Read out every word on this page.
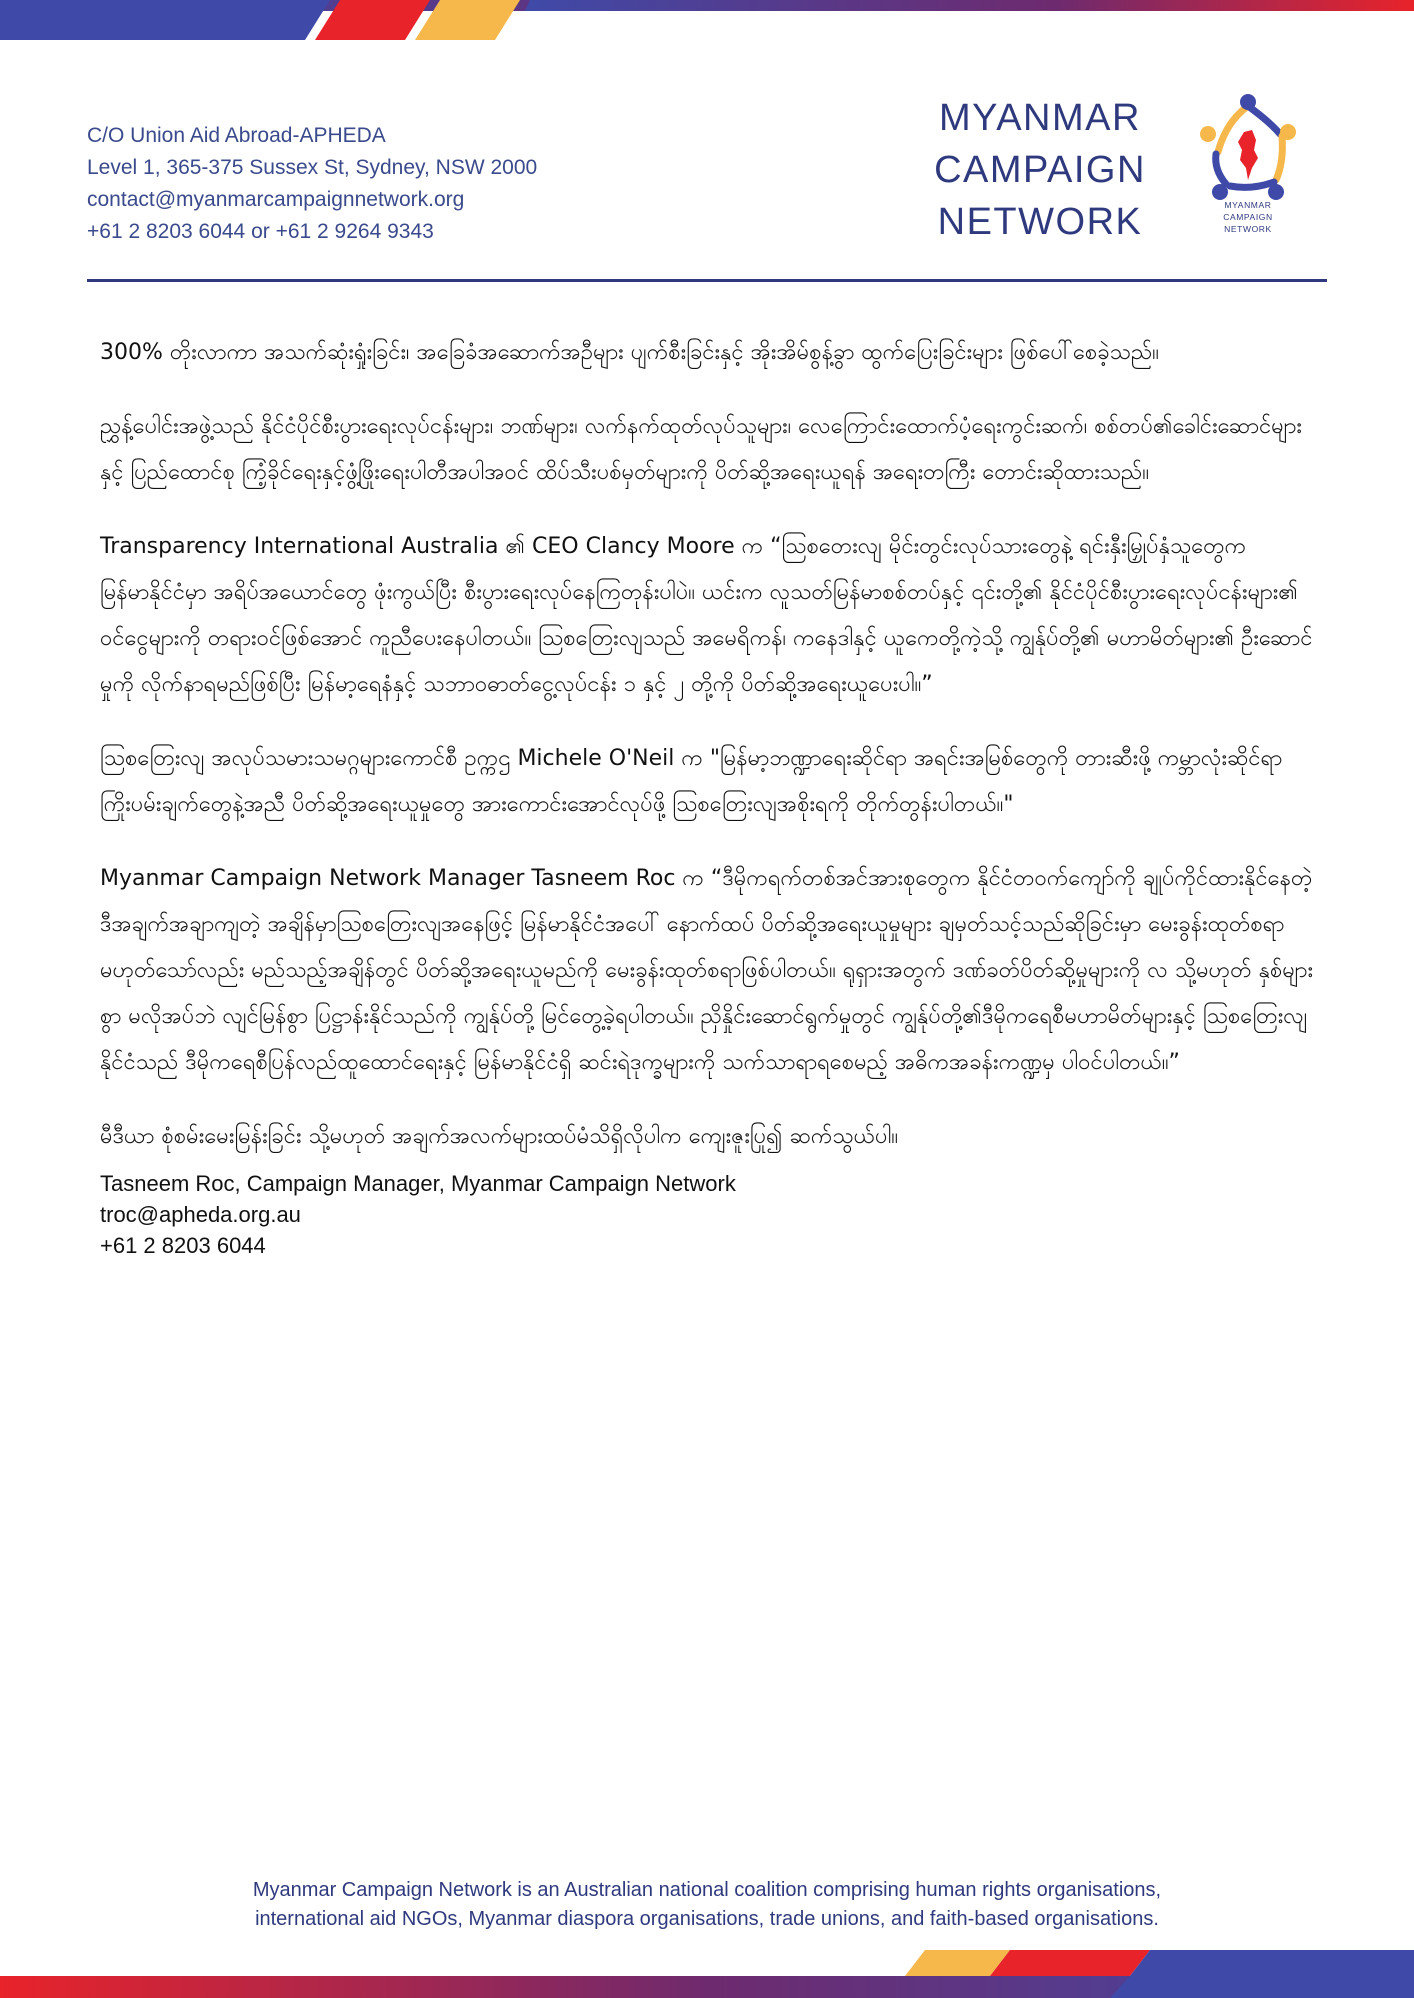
C/O Union Aid Abroad-APHEDA
Level 1, 365-375 Sussex St, Sydney, NSW 2000
contact@myanmarcampaignnetwork.org
+61 2 8203 6044 or +61 2 9264 9343
MYANMAR
CAMPAIGN
NETWORK	MYANMAR
CAMPAIGN
NETWORK

300% တိုးလာကာ အသက်ဆုံးရှုံးခြင်း၊ အခြေခံအဆောက်အဦများ ပျက်စီးခြင်းနှင့် အိုးအိမ်စွန့်ခွာ ထွက်ပြေးခြင်းများ ဖြစ်ပေါ်စေခဲ့သည်။

ညွှန့်ပေါင်းအဖွဲ့သည် နိုင်ငံပိုင်စီးပွားရေးလုပ်ငန်းများ၊ ဘဏ်များ၊ လက်နက်ထုတ်လုပ်သူများ၊ လေကြောင်းထောက်ပံ့ရေးကွင်းဆက်၊ စစ်တပ်၏ခေါင်းဆောင်များနှင့် ပြည်ထောင်စု ကြံ့ခိုင်ရေးနှင့်ဖွံ့ဖြိုးရေးပါတီအပါအဝင် ထိပ်သီးပစ်မှတ်များကို ပိတ်ဆို့အရေးယူရန် အရေးတကြီး တောင်းဆိုထားသည်။

Transparency International Australia ၏ CEO Clancy Moore က “ဩစတေးလျ မိုင်းတွင်းလုပ်သားတွေနဲ့ ရင်းနှီးမြှုပ်နှံသူတွေက မြန်မာနိုင်ငံမှာ အရိပ်အယောင်တွေ ဖုံးကွယ်ပြီး စီးပွားရေးလုပ်နေကြတုန်းပါပဲ။ ယင်းက လူသတ်မြန်မာစစ်တပ်နှင့် ၎င်းတို့၏ နိုင်ငံပိုင်စီးပွားရေးလုပ်ငန်းများ၏ ဝင်ငွေများကို တရားဝင်ဖြစ်အောင် ကူညီပေးနေပါတယ်။ ဩစတြေးလျသည် အမေရိကန်၊ ကနေဒါနှင့် ယူကေတို့ကဲ့သို့ ကျွန်ုပ်တို့၏ မဟာမိတ်များ၏ ဦးဆောင်မှုကို လိုက်နာရမည်ဖြစ်ပြီး မြန်မာ့ရေနံနှင့် သဘာဝဓာတ်ငွေ့လုပ်ငန်း ၁ နှင့် ၂ တို့ကို ပိတ်ဆို့အရေးယူပေးပါ။”

ဩစတြေးလျ အလုပ်သမားသမဂ္ဂများကောင်စီ ဥက္ကဌ Michele O'Neil က "မြန်မာ့ဘဏ္ဍာရေးဆိုင်ရာ အရင်းအမြစ်တွေကို တားဆီးဖို့ ကမ္ဘာလုံးဆိုင်ရာ ကြိုးပမ်းချက်တွေနဲ့အညီ ပိတ်ဆို့အရေးယူမှုတွေ အားကောင်းအောင်လုပ်ဖို့ ဩစတြေးလျအစိုးရကို တိုက်တွန်းပါတယ်။"

Myanmar Campaign Network Manager Tasneem Roc က “ဒီမိုကရက်တစ်အင်အားစုတွေက နိုင်ငံတဝက်ကျော်ကို ချုပ်ကိုင်ထားနိုင်နေတဲ့ ဒီအချက်အချာကျတဲ့ အချိန်မှာဩစတြေးလျအနေဖြင့် မြန်မာနိုင်ငံအပေါ် နောက်ထပ် ပိတ်ဆို့အရေးယူမှုများ ချမှတ်သင့်သည်ဆိုခြင်းမှာ မေးခွန်းထုတ်စရာမဟုတ်သော်လည်း မည်သည့်အချိန်တွင် ပိတ်ဆို့အရေးယူမည်ကို မေးခွန်းထုတ်စရာဖြစ်ပါတယ်။ ရုရှားအတွက် ဒဏ်ခတ်ပိတ်ဆို့မှုများကို လ သို့မဟုတ် နှစ်များစွာ မလိုအပ်ဘဲ လျင်မြန်စွာ ပြဋ္ဌာန်းနိုင်သည်ကို ကျွန်ုပ်တို့ မြင်တွေ့ခဲ့ရပါတယ်။ ညှိနှိုင်းဆောင်ရွက်မှုတွင် ကျွန်ုပ်တို့၏ဒီမိုကရေစီမဟာမိတ်များနှင့် ဩစတြေးလျနိုင်ငံသည် ဒီမိုကရေစီပြန်လည်ထူထောင်ရေးနှင့် မြန်မာနိုင်ငံရှိ ဆင်းရဲဒုက္ခများကို သက်သာရာရစေမည့် အဓိကအခန်းကဏ္ဍမှ ပါဝင်ပါတယ်။”

မီဒီယာ စုံစမ်းမေးမြန်းခြင်း သို့မဟုတ် အချက်အလက်များထပ်မံသိရှိလိုပါက ကျေးဇူးပြု၍ ဆက်သွယ်ပါ။

Tasneem Roc, Campaign Manager, Myanmar Campaign Network

troc@apheda.org.au

+61 2 8203 6044

Myanmar Campaign Network is an Australian national coalition comprising human rights organisations,
international aid NGOs, Myanmar diaspora organisations, trade unions, and faith-based organisations.
